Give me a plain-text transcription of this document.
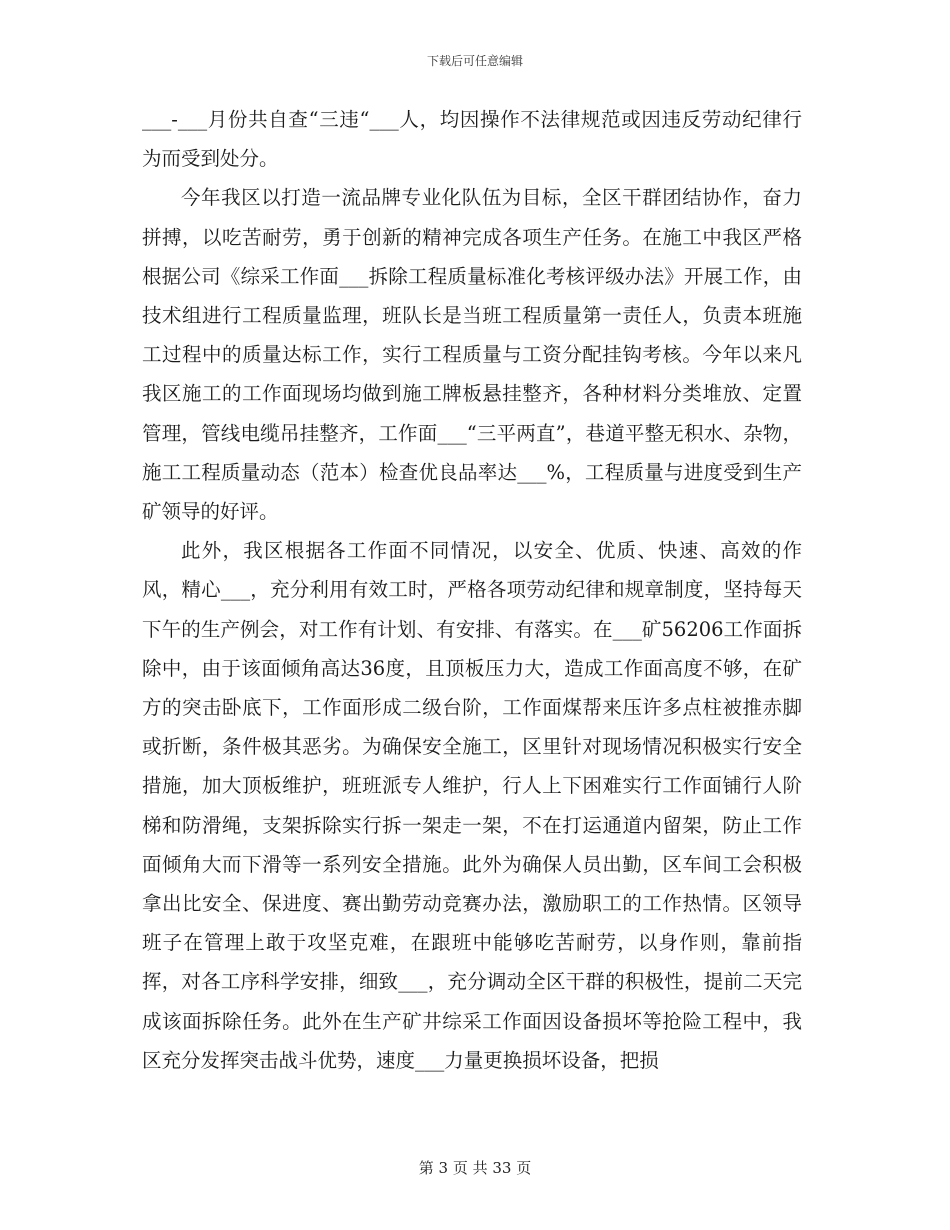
下载后可任意编辑

___-___月份共自查“三违“___人，均因操作不法律规范或因违反劳动纪律行为而受到处分。

今年我区以打造一流品牌专业化队伍为目标，全区干群团结协作，奋力拼搏，以吃苦耐劳，勇于创新的精神完成各项生产任务。在施工中我区严格根据公司《综采工作面___拆除工程质量标准化考核评级办法》开展工作，由技术组进行工程质量监理，班队长是当班工程质量第一责任人，负责本班施工过程中的质量达标工作，实行工程质量与工资分配挂钩考核。今年以来凡我区施工的工作面现场均做到施工牌板悬挂整齐，各种材料分类堆放、定置管理，管线电缆吊挂整齐，工作面___“三平两直”，巷道平整无积水、杂物，施工工程质量动态（范本）检查优良品率达___%，工程质量与进度受到生产矿领导的好评。

此外，我区根据各工作面不同情况，以安全、优质、快速、高效的作风，精心___，充分利用有效工时，严格各项劳动纪律和规章制度，坚持每天下午的生产例会，对工作有计划、有安排、有落实。在___矿56206工作面拆除中，由于该面倾角高达36度，且顶板压力大，造成工作面高度不够，在矿方的突击卧底下，工作面形成二级台阶，工作面煤帮来压许多点柱被推赤脚或折断，条件极其恶劣。为确保安全施工，区里针对现场情况积极实行安全措施，加大顶板维护，班班派专人维护，行人上下困难实行工作面铺行人阶梯和防滑绳，支架拆除实行拆一架走一架，不在打运通道内留架，防止工作面倾角大而下滑等一系列安全措施。此外为确保人员出勤，区车间工会积极拿出比安全、保进度、赛出勤劳动竞赛办法，激励职工的工作热情。区领导班子在管理上敢于攻坚克难，在跟班中能够吃苦耐劳，以身作则，靠前指挥，对各工序科学安排，细致___，充分调动全区干群的积极性，提前二天完成该面拆除任务。此外在生产矿井综采工作面因设备损坏等抢险工程中，我区充分发挥突击战斗优势，速度___力量更换损坏设备，把损

第 3 页 共 33 页
